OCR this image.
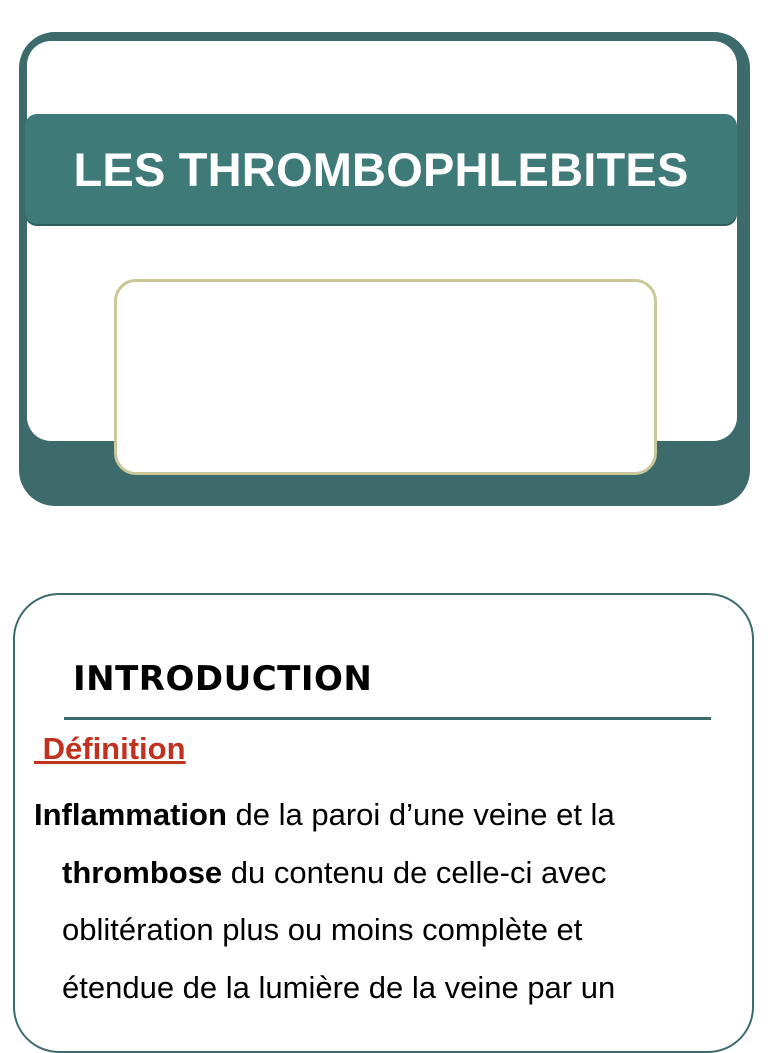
LES THROMBOPHLEBITES
INTRODUCTION
Définition
Inflammation de la paroi d’une veine et la
thrombose du contenu de celle-ci avec
oblitération plus ou moins complète et
étendue de la lumière de la veine par un
